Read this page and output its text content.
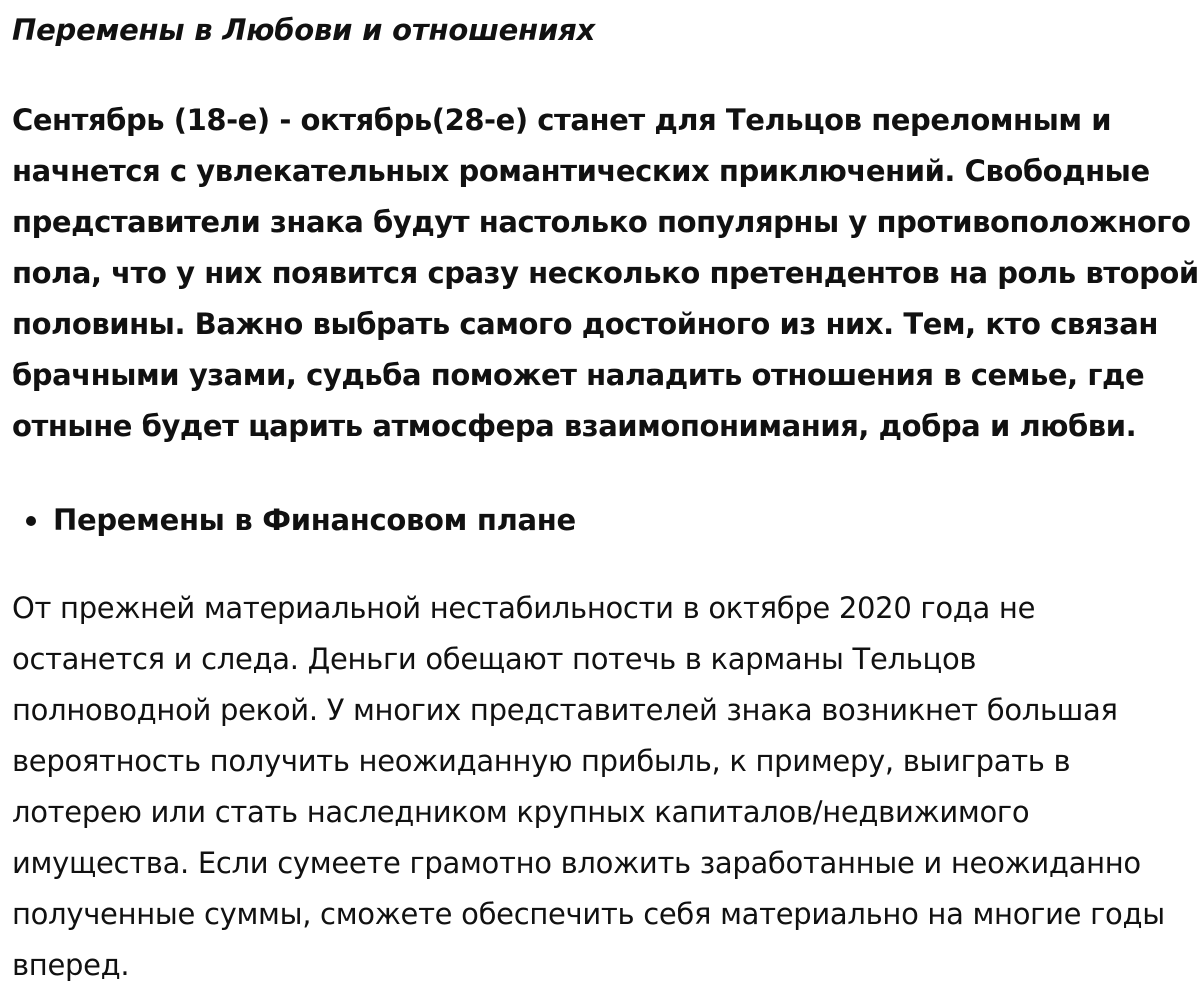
Перемены в Любови и отношениях

Сентябрь (18-е) - октябрь(28-е) станет для Тельцов переломным и
начнется с увлекательных романтических приключений. Свободные
представители знака будут настолько популярны у противоположного
пола, что у них появится сразу несколько претендентов на роль второй
половины. Важно выбрать самого достойного из них. Тем, кто связан
брачными узами, судьба поможет наладить отношения в семье, где
отныне будет царить атмосфера взаимопонимания, добра и любви.

Перемены в Финансовом плане

От прежней материальной нестабильности в октябре 2020 года не
останется и следа. Деньги обещают потечь в карманы Тельцов
полноводной рекой. У многих представителей знака возникнет большая
вероятность получить неожиданную прибыль, к примеру, выиграть в
лотерею или стать наследником крупных капиталов/недвижимого
имущества. Если сумеете грамотно вложить заработанные и неожиданно
полученные суммы, сможете обеспечить себя материально на многие годы
вперед.
